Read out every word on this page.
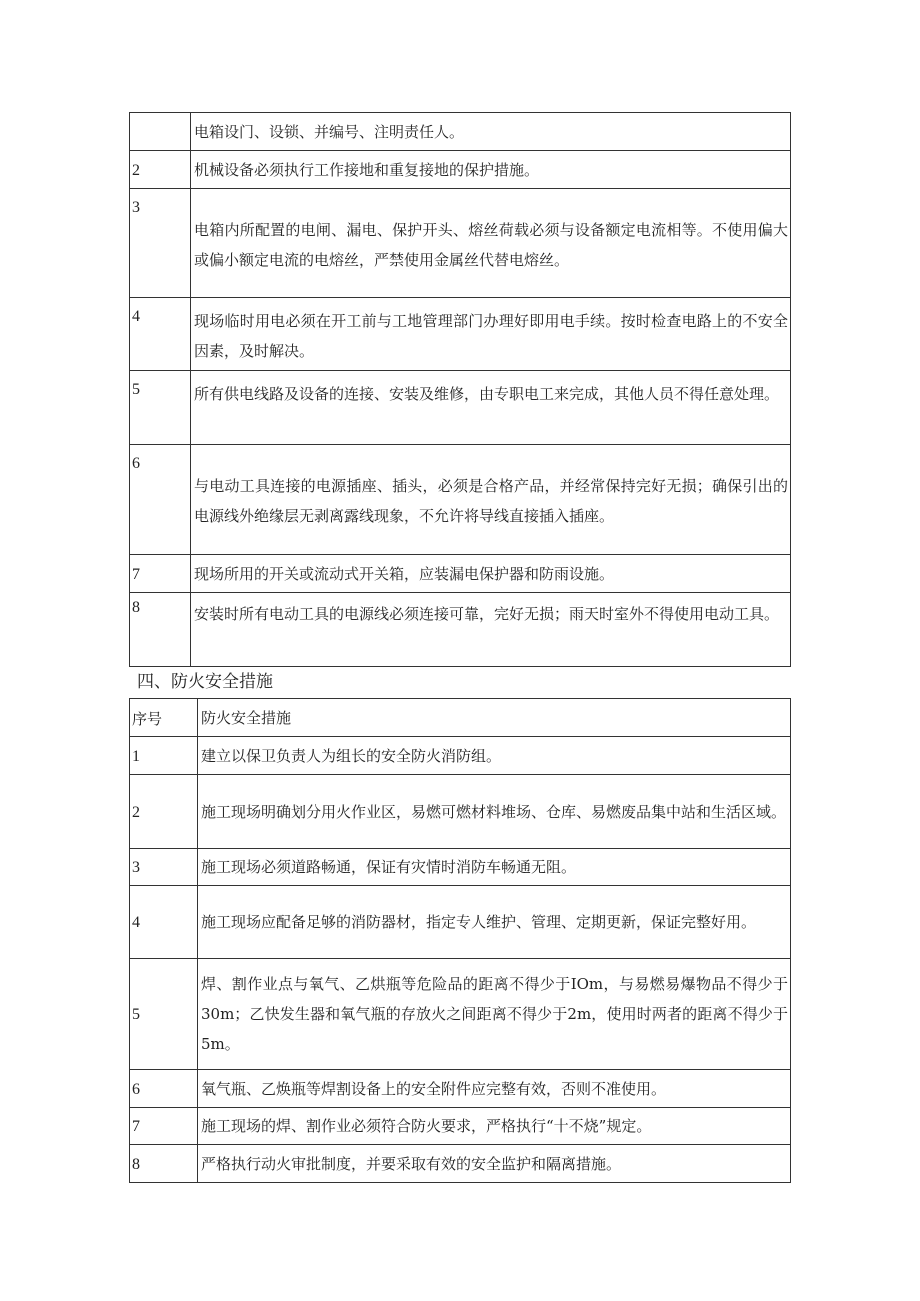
	电箱设门、设锁、并编号、注明责任人。
2	机械设备必须执行工作接地和重复接地的保护措施。
3	电箱内所配置的电闸、漏电、保护开头、熔丝荷载必须与设备额定电流相等。不使用偏大或偏小额定电流的电熔丝，严禁使用金属丝代替电熔丝。
4	现场临时用电必须在开工前与工地管理部门办理好即用电手续。按时检查电路上的不安全因素，及时解决。
5	所有供电线路及设备的连接、安装及维修，由专职电工来完成，其他人员不得任意处理。
6	与电动工具连接的电源插座、插头，必须是合格产品，并经常保持完好无损；确保引出的电源线外绝缘层无剥离露线现象，不允许将导线直接插入插座。
7	现场所用的开关或流动式开关箱，应装漏电保护器和防雨设施。
8	安装时所有电动工具的电源线必须连接可靠，完好无损；雨天时室外不得使用电动工具。
四、防火安全措施
序号	防火安全措施
1	建立以保卫负责人为组长的安全防火消防组。
2	施工现场明确划分用火作业区，易燃可燃材料堆场、仓库、易燃废品集中站和生活区域。
3	施工现场必须道路畅通，保证有灾情时消防车畅通无阻。
4	施工现场应配备足够的消防器材，指定专人维护、管理、定期更新，保证完整好用。
5	焊、割作业点与氧气、乙烘瓶等危险品的距离不得少于IOm，与易燃易爆物品不得少于30m；乙快发生器和氧气瓶的存放火之间距离不得少于2m，使用时两者的距离不得少于5m。
6	氧气瓶、乙焕瓶等焊割设备上的安全附件应完整有效，否则不准使用。
7	施工现场的焊、割作业必须符合防火要求，严格执行“十不烧”规定。
8	严格执行动火审批制度，并要采取有效的安全监护和隔离措施。
